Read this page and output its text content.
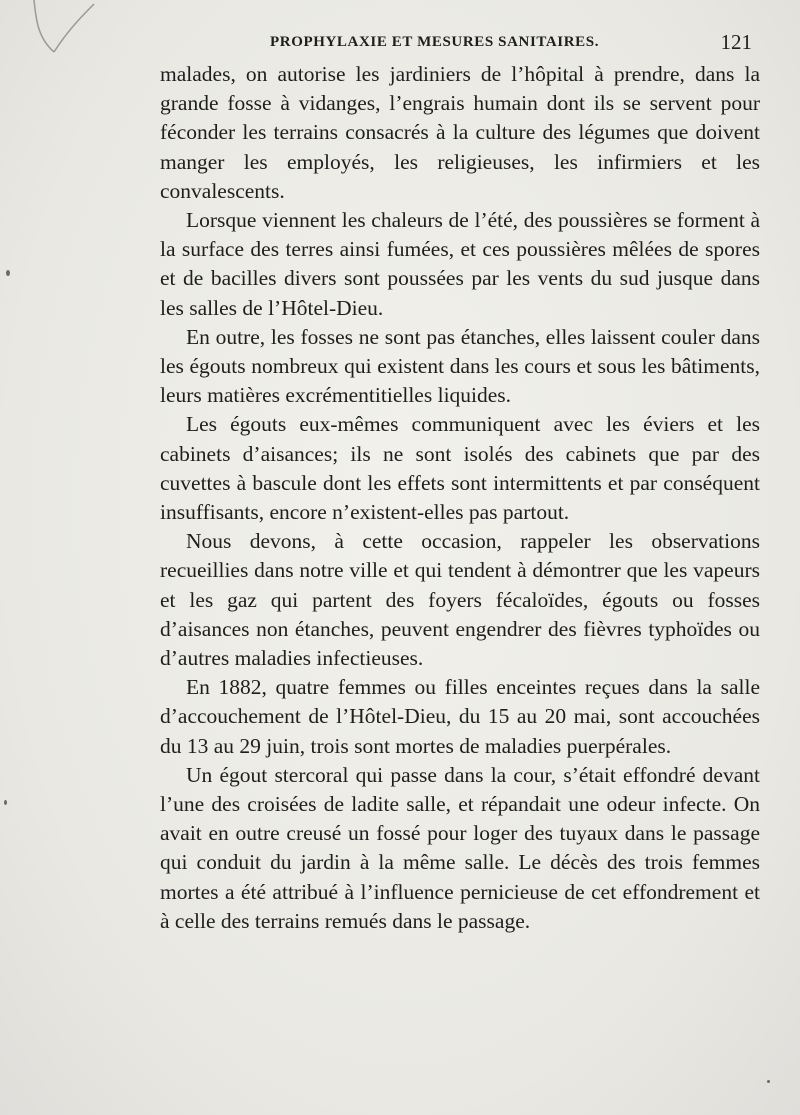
PROPHYLAXIE ET MESURES SANITAIRES.	121

malades, on autorise les jardiniers de l’hôpital à prendre, dans la grande fosse à vidanges, l’engrais humain dont ils se servent pour féconder les terrains consacrés à la culture des légumes que doivent manger les employés, les religieuses, les infirmiers et les convalescents.

Lorsque viennent les chaleurs de l’été, des poussières se forment à la surface des terres ainsi fumées, et ces poussières mêlées de spores et de bacilles divers sont poussées par les vents du sud jusque dans les salles de l’Hôtel-Dieu.

En outre, les fosses ne sont pas étanches, elles laissent couler dans les égouts nombreux qui existent dans les cours et sous les bâtiments, leurs matières excrémentitielles liquides.

Les égouts eux-mêmes communiquent avec les éviers et les cabinets d’aisances; ils ne sont isolés des cabinets que par des cuvettes à bascule dont les effets sont intermittents et par conséquent insuffisants, encore n’existent-elles pas partout.

Nous devons, à cette occasion, rappeler les observations recueillies dans notre ville et qui tendent à démontrer que les vapeurs et les gaz qui partent des foyers fécaloïdes, égouts ou fosses d’aisances non étanches, peuvent engendrer des fièvres typhoïdes ou d’autres maladies infectieuses.

En 1882, quatre femmes ou filles enceintes reçues dans la salle d’accouchement de l’Hôtel-Dieu, du 15 au 20 mai, sont accouchées du 13 au 29 juin, trois sont mortes de maladies puerpérales.

Un égout stercoral qui passe dans la cour, s’était effondré devant l’une des croisées de ladite salle, et répandait une odeur infecte. On avait en outre creusé un fossé pour loger des tuyaux dans le passage qui conduit du jardin à la même salle. Le décès des trois femmes mortes a été attribué à l’influence pernicieuse de cet effondrement et à celle des terrains remués dans le passage.
